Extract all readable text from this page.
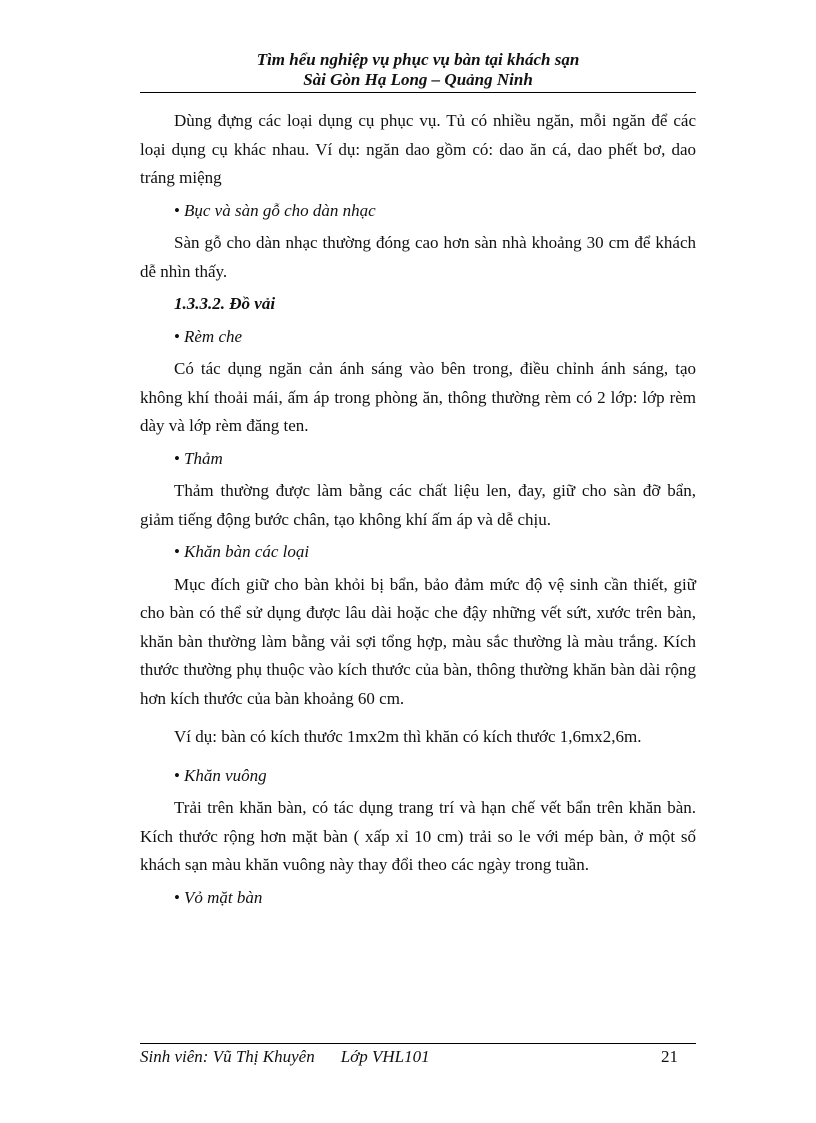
Tìm hểu nghiệp vụ phục vụ bàn tại khách sạn
Sài Gòn Hạ Long – Quảng Ninh

Dùng đựng các loại dụng cụ phục vụ. Tủ có nhiều ngăn, mỗi ngăn để các loại dụng cụ khác nhau. Ví dụ: ngăn dao gồm có: dao ăn cá, dao phết bơ, dao tráng miệng

• Bục và sàn gỗ cho dàn nhạc

Sàn gỗ cho dàn nhạc thường đóng cao hơn sàn nhà khoảng 30 cm để khách dễ nhìn thấy.

1.3.3.2. Đồ vải

• Rèm che

Có tác dụng ngăn cản ánh sáng vào bên trong, điều chỉnh ánh sáng, tạo không khí thoải mái, ấm áp trong phòng ăn, thông thường rèm có 2 lớp: lớp rèm dày và lớp rèm đăng ten.

• Thảm

Thảm thường được làm bằng các chất liệu len, đay, giữ cho sàn đỡ bẩn, giảm tiếng động bước chân, tạo không khí ấm áp và dễ chịu.

• Khăn bàn các loại

Mục đích giữ cho bàn khỏi bị bẩn, bảo đảm mức độ vệ sinh cần thiết, giữ cho bàn có thể sử dụng được lâu dài hoặc che đậy những vết sứt, xước trên bàn, khăn bàn thường làm bằng vải sợi tổng hợp, màu sắc thường là màu trắng. Kích thước thường phụ thuộc vào kích thước của bàn, thông thường khăn bàn dài rộng hơn kích thước của bàn khoảng 60 cm.

Ví dụ: bàn có kích thước 1mx2m thì khăn có kích thước 1,6mx2,6m.

• Khăn vuông

Trải trên khăn bàn, có tác dụng trang trí và hạn chế vết bẩn trên khăn bàn. Kích thước rộng hơn mặt bàn ( xấp xỉ 10 cm) trải so le với mép bàn, ở một số khách sạn màu khăn vuông này thay đổi theo các ngày trong tuần.

• Vỏ mặt bàn

Sinh viên: Vũ Thị Khuyên Lớp VHL101	21
